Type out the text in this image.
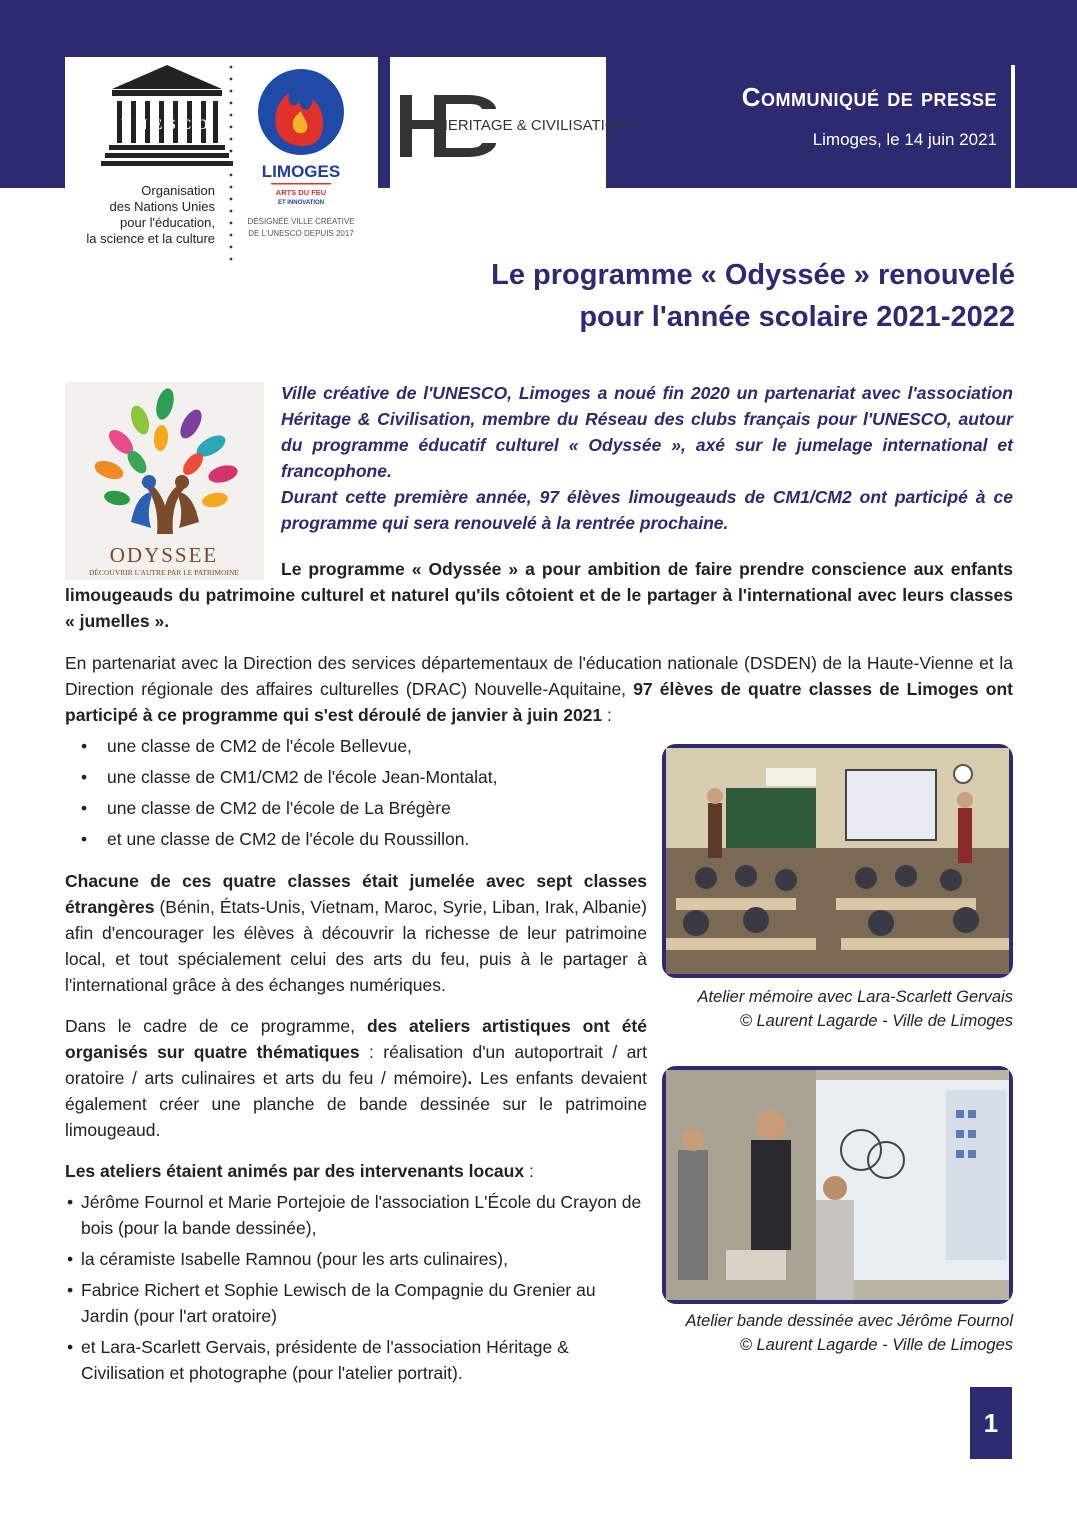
UNESCO
Organisation
des Nations Unies
pour l'éducation,
la science et la culture
LIMOGES
ARTS DU FEU
ET INNOVATION
DÉSIGNÉE VILLE CRÉATIVE
DE L'UNESCO DEPUIS 2017
HERITAGE & CIVILISATION
Communiqué de presse
Limoges, le 14 juin 2021
Le programme « Odyssée » renouvelé
pour l'année scolaire 2021-2022
ODYSSEE
DÉCOUVRIR L'AUTRE PAR LE PATRIMOINE

Ville créative de l'UNESCO, Limoges a noué fin 2020 un partenariat avec l'association Héritage & Civilisation, membre du Réseau des clubs français pour l'UNESCO, autour du programme éducatif culturel « Odyssée », axé sur le jumelage international et francophone.

Durant cette première année, 97 élèves limougeauds de CM1/CM2 ont participé à ce programme qui sera renouvelé à la rentrée prochaine.

Le programme « Odyssée » a pour ambition de faire prendre conscience aux enfants limougeauds du patrimoine culturel et naturel qu'ils côtoient et de le partager à l'international avec leurs classes « jumelles ».
En partenariat avec la Direction des services départementaux de l'éducation nationale (DSDEN) de la Haute-Vienne et la Direction régionale des affaires culturelles (DRAC) Nouvelle-Aquitaine, 97 élèves de quatre classes de Limoges ont participé à ce programme qui s'est déroulé de janvier à juin 2021 :
• une classe de CM2 de l'école Bellevue,
• une classe de CM1/CM2 de l'école Jean-Montalat,
• une classe de CM2 de l'école de La Brégère
• et une classe de CM2 de l'école du Roussillon.
Chacune de ces quatre classes était jumelée avec sept classes étrangères (Bénin, États-Unis, Vietnam, Maroc, Syrie, Liban, Irak, Albanie) afin d'encourager les élèves à découvrir la richesse de leur patrimoine local, et tout spécialement celui des arts du feu, puis à le partager à l'international grâce à des échanges numériques.
Dans le cadre de ce programme, des ateliers artistiques ont été organisés sur quatre thématiques : réalisation d'un autoportrait / art oratoire / arts culinaires et arts du feu / mémoire). Les enfants devaient également créer une planche de bande dessinée sur le patrimoine limougeaud.
Les ateliers étaient animés par des intervenants locaux :
• Jérôme Fournol et Marie Portejoie de l'association L'École du Crayon de bois (pour la bande dessinée),
• la céramiste Isabelle Ramnou (pour les arts culinaires),
• Fabrice Richert et Sophie Lewisch de la Compagnie du Grenier au Jardin (pour l'art oratoire)
• et Lara-Scarlett Gervais, présidente de l'association Héritage & Civilisation et photographe (pour l'atelier portrait).
Atelier mémoire avec Lara-Scarlett Gervais
© Laurent Lagarde - Ville de Limoges
Atelier bande dessinée avec Jérôme Fournol
© Laurent Lagarde - Ville de Limoges
1
